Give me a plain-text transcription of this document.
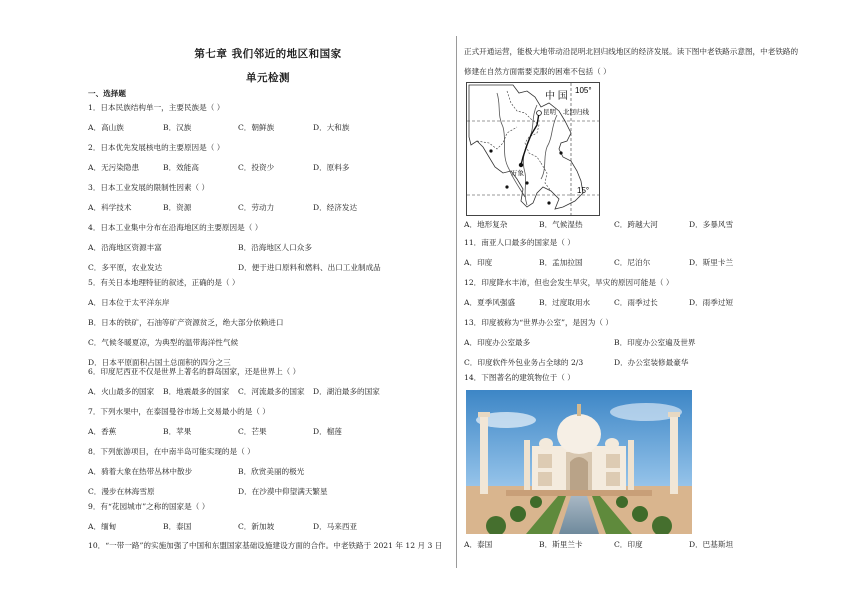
第七章 我们邻近的地区和国家
单元检测
一、选择题
1．日本民族结构单一，主要民族是（ ）
A．高山族	B．汉族	C．朝鲜族	D．大和族
2．日本优先发展核电的主要原因是（ ）
A．无污染隐患	B．效能高	C．投资少	D．原料多
3．日本工业发展的限制性因素（ ）
A．科学技术	B．资源	C．劳动力	D．经济发达
4．日本工业集中分布在沿海地区的主要原因是（ ）
A．沿海地区资源丰富	B．沿海地区人口众多
C．多平原，农业发达	D．便于进口原料和燃料、出口工业制成品
5．有关日本地理特征的叙述，正确的是（ ）
A．日本位于太平洋东岸
B．日本的铁矿，石油等矿产资源贫乏，绝大部分依赖进口
C．气候冬暖夏凉，为典型的温带海洋性气候
D．日本平原面积占国土总面积的四分之三
6．印度尼西亚不仅是世界上著名的群岛国家，还是世界上（ ）
A．火山最多的国家 B．地震最多的国家 C．河流最多的国家 D．湖泊最多的国家
7．下列水果中，在泰国曼谷市场上交易最小的是（ ）
A．香蕉	B．苹果	C．芒果	D．榴莲
8．下列旅游项目，在中南半岛可能实现的是（ ）
A．骑着大象在热带丛林中散步	B．欣赏美丽的极光
C．漫步在林海雪原	D．在沙漠中仰望满天繁星
9．有“花园城市”之称的国家是（ ）
A．缅甸	B．泰国	C．新加坡	D．马来西亚
10．“一带一路”的实施加强了中国和东盟国家基础设施建设方面的合作。中老铁路于 2021 年 12 月 3 日
A．地形复杂	B．气候湿热	C．跨越大河	D．多暴风雪
11．南亚人口最多的国家是（ ）
A．印度	B．孟加拉国	C．尼泊尔	D．斯里卡兰
12．印度降水丰沛，但也会发生旱灾，旱灾的原因可能是（ ）
A．夏季风强盛	B．过度取用水	C．雨季过长	D．雨季过短
13．印度被称为“世界办公室”，是因为（ ）
A．印度办公室最多	B．印度办公室遍及世界
C．印度软件外包业务占全球的 2/3	D．办公室装修最豪华
14．下图著名的建筑物位于（ ）
A．泰国	B．斯里兰卡	C．印度	D．巴基斯坦
正式开通运营，能极大地带动沿昆明北回归线地区的经济发展。读下图中老铁路示意图，中老铁路的
修建在自然方面需要克服的困难不包括（ ）
中 国
105°
昆明 北回归线
万象
15°
